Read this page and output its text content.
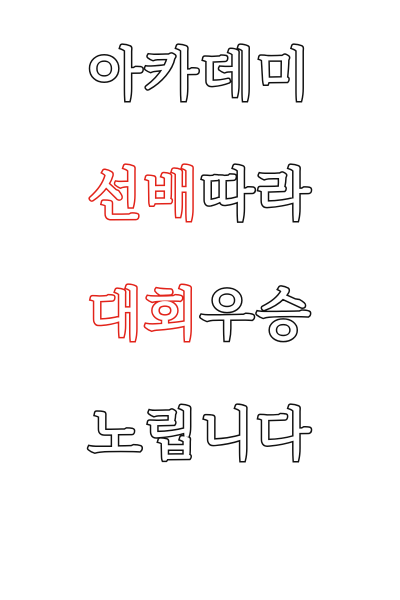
아카데미
선배 따라
대회 우승
노립니다
